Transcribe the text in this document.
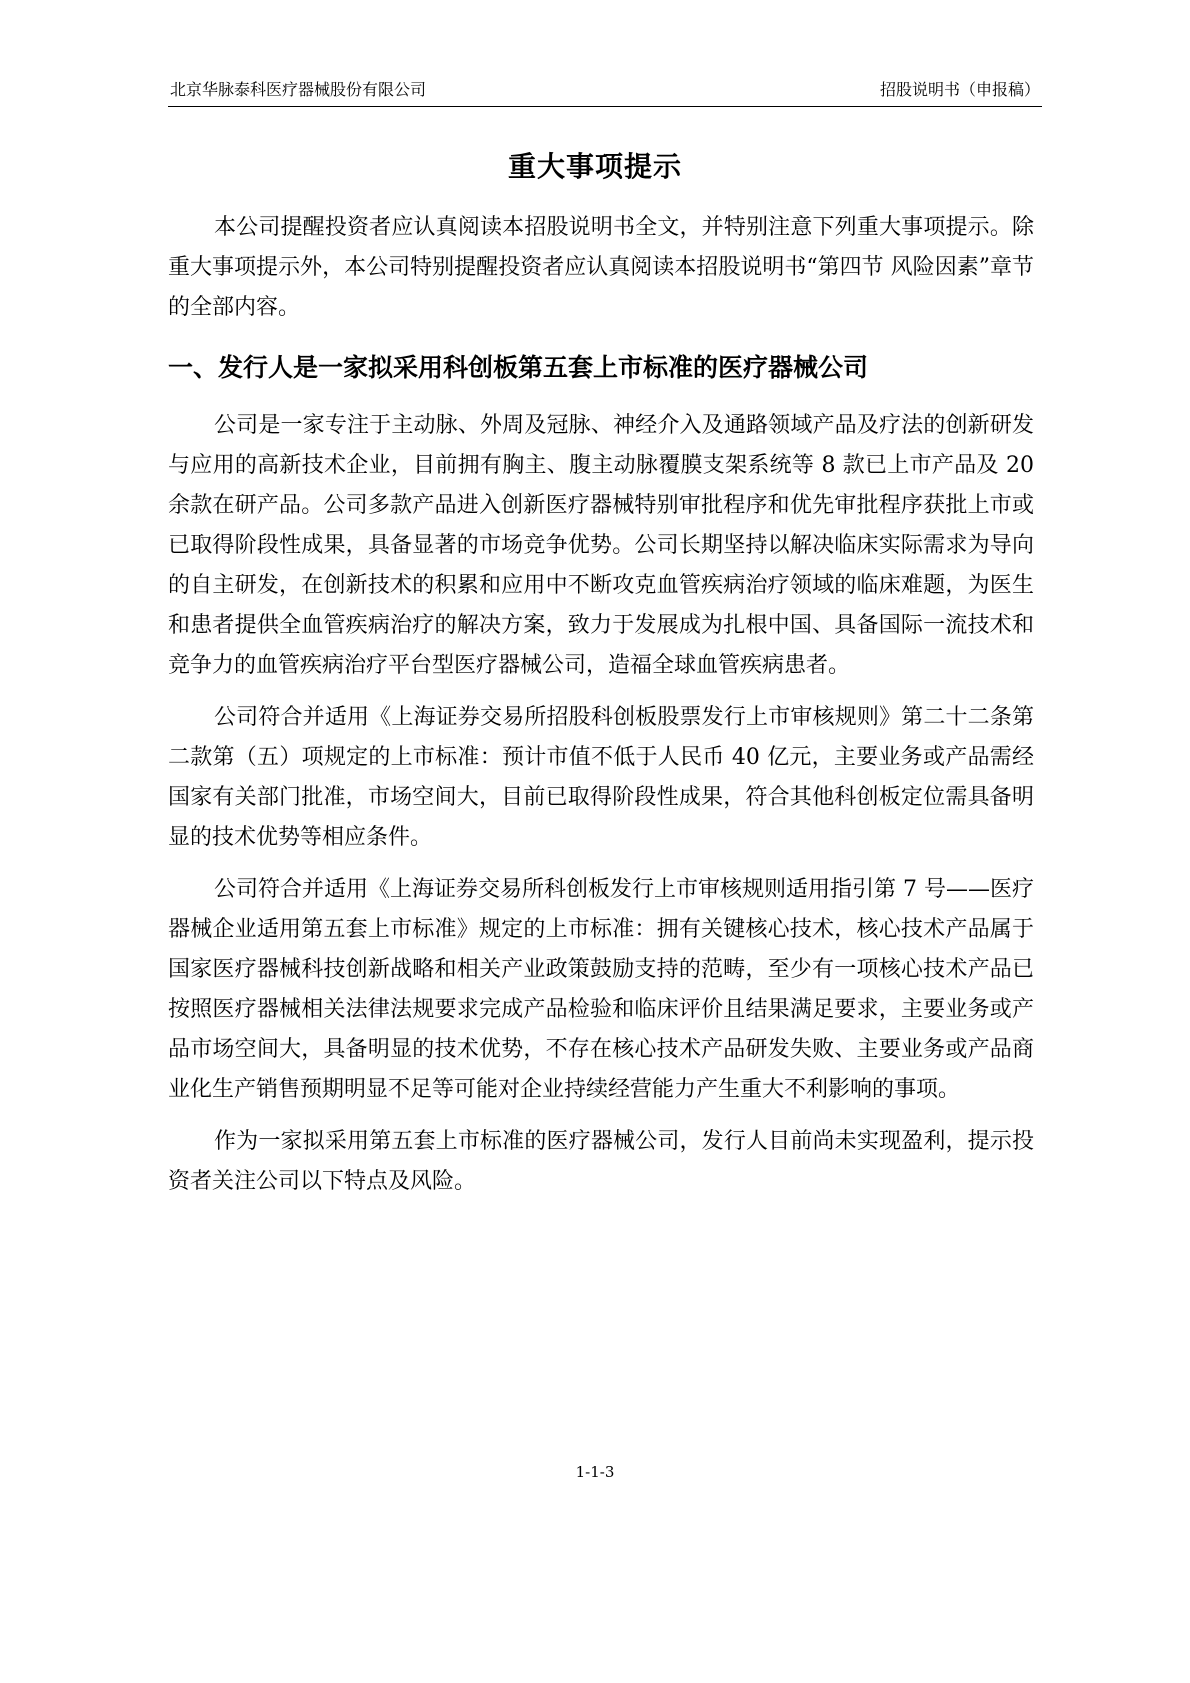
北京华脉泰科医疗器械股份有限公司	招股说明书（申报稿）
重大事项提示

本公司提醒投资者应认真阅读本招股说明书全文，并特别注意下列重大事项提示。除重大事项提示外，本公司特别提醒投资者应认真阅读本招股说明书“第四节 风险因素”章节的全部内容。

一、发行人是一家拟采用科创板第五套上市标准的医疗器械公司

公司是一家专注于主动脉、外周及冠脉、神经介入及通路领域产品及疗法的创新研发与应用的高新技术企业，目前拥有胸主、腹主动脉覆膜支架系统等 8 款已上市产品及 20 余款在研产品。公司多款产品进入创新医疗器械特别审批程序和优先审批程序获批上市或已取得阶段性成果，具备显著的市场竞争优势。公司长期坚持以解决临床实际需求为导向的自主研发，在创新技术的积累和应用中不断攻克血管疾病治疗领域的临床难题，为医生和患者提供全血管疾病治疗的解决方案，致力于发展成为扎根中国、具备国际一流技术和竞争力的血管疾病治疗平台型医疗器械公司，造福全球血管疾病患者。

公司符合并适用《上海证券交易所招股科创板股票发行上市审核规则》第二十二条第二款第（五）项规定的上市标准：预计市值不低于人民币 40 亿元，主要业务或产品需经国家有关部门批准，市场空间大，目前已取得阶段性成果，符合其他科创板定位需具备明显的技术优势等相应条件。

公司符合并适用《上海证券交易所科创板发行上市审核规则适用指引第 7 号——医疗器械企业适用第五套上市标准》规定的上市标准：拥有关键核心技术，核心技术产品属于国家医疗器械科技创新战略和相关产业政策鼓励支持的范畴，至少有一项核心技术产品已按照医疗器械相关法律法规要求完成产品检验和临床评价且结果满足要求，主要业务或产品市场空间大，具备明显的技术优势，不存在核心技术产品研发失败、主要业务或产品商业化生产销售预期明显不足等可能对企业持续经营能力产生重大不利影响的事项。

作为一家拟采用第五套上市标准的医疗器械公司，发行人目前尚未实现盈利，提示投资者关注公司以下特点及风险。

1-1-3
